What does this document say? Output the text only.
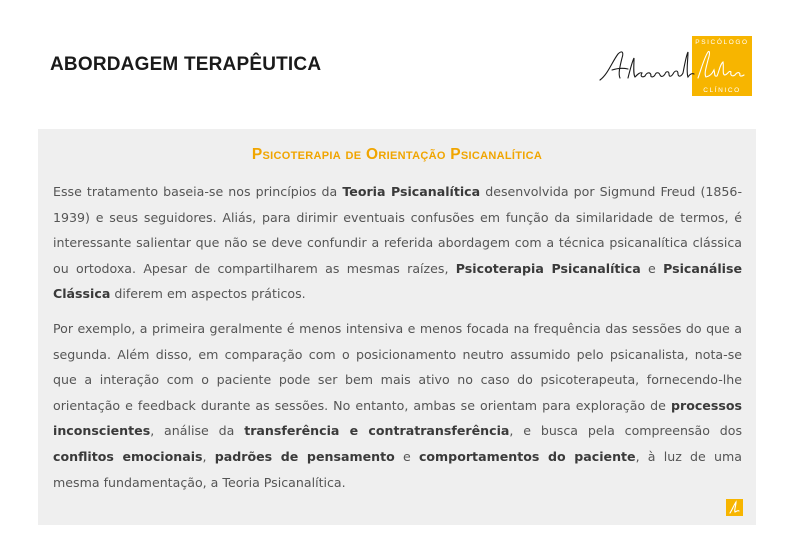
ABORDAGEM TERAPÊUTICA
PSICÓLOGO
CLÍNICO
Psicoterapia de Orientação Psicanalítica

Esse tratamento baseia-se nos princípios da Teoria Psicanalítica desenvolvida por Sigmund Freud (1856-1939) e seus seguidores. Aliás, para dirimir eventuais confusões em função da similaridade de termos, é interessante salientar que não se deve confundir a referida abordagem com a técnica psicanalítica clássica ou ortodoxa. Apesar de compartilharem as mesmas raízes, Psicoterapia Psicanalítica e Psicanálise Clássica diferem em aspectos práticos.

Por exemplo, a primeira geralmente é menos intensiva e menos focada na frequência das sessões do que a segunda. Além disso, em comparação com o posicionamento neutro assumido pelo psicanalista, nota-se que a interação com o paciente pode ser bem mais ativo no caso do psicoterapeuta, fornecendo-lhe orientação e feedback durante as sessões. No entanto, ambas se orientam para exploração de processos inconscientes, análise da transferência e contratransferência, e busca pela compreensão dos conflitos emocionais, padrões de pensamento e comportamentos do paciente, à luz de uma mesma fundamentação, a Teoria Psicanalítica.
